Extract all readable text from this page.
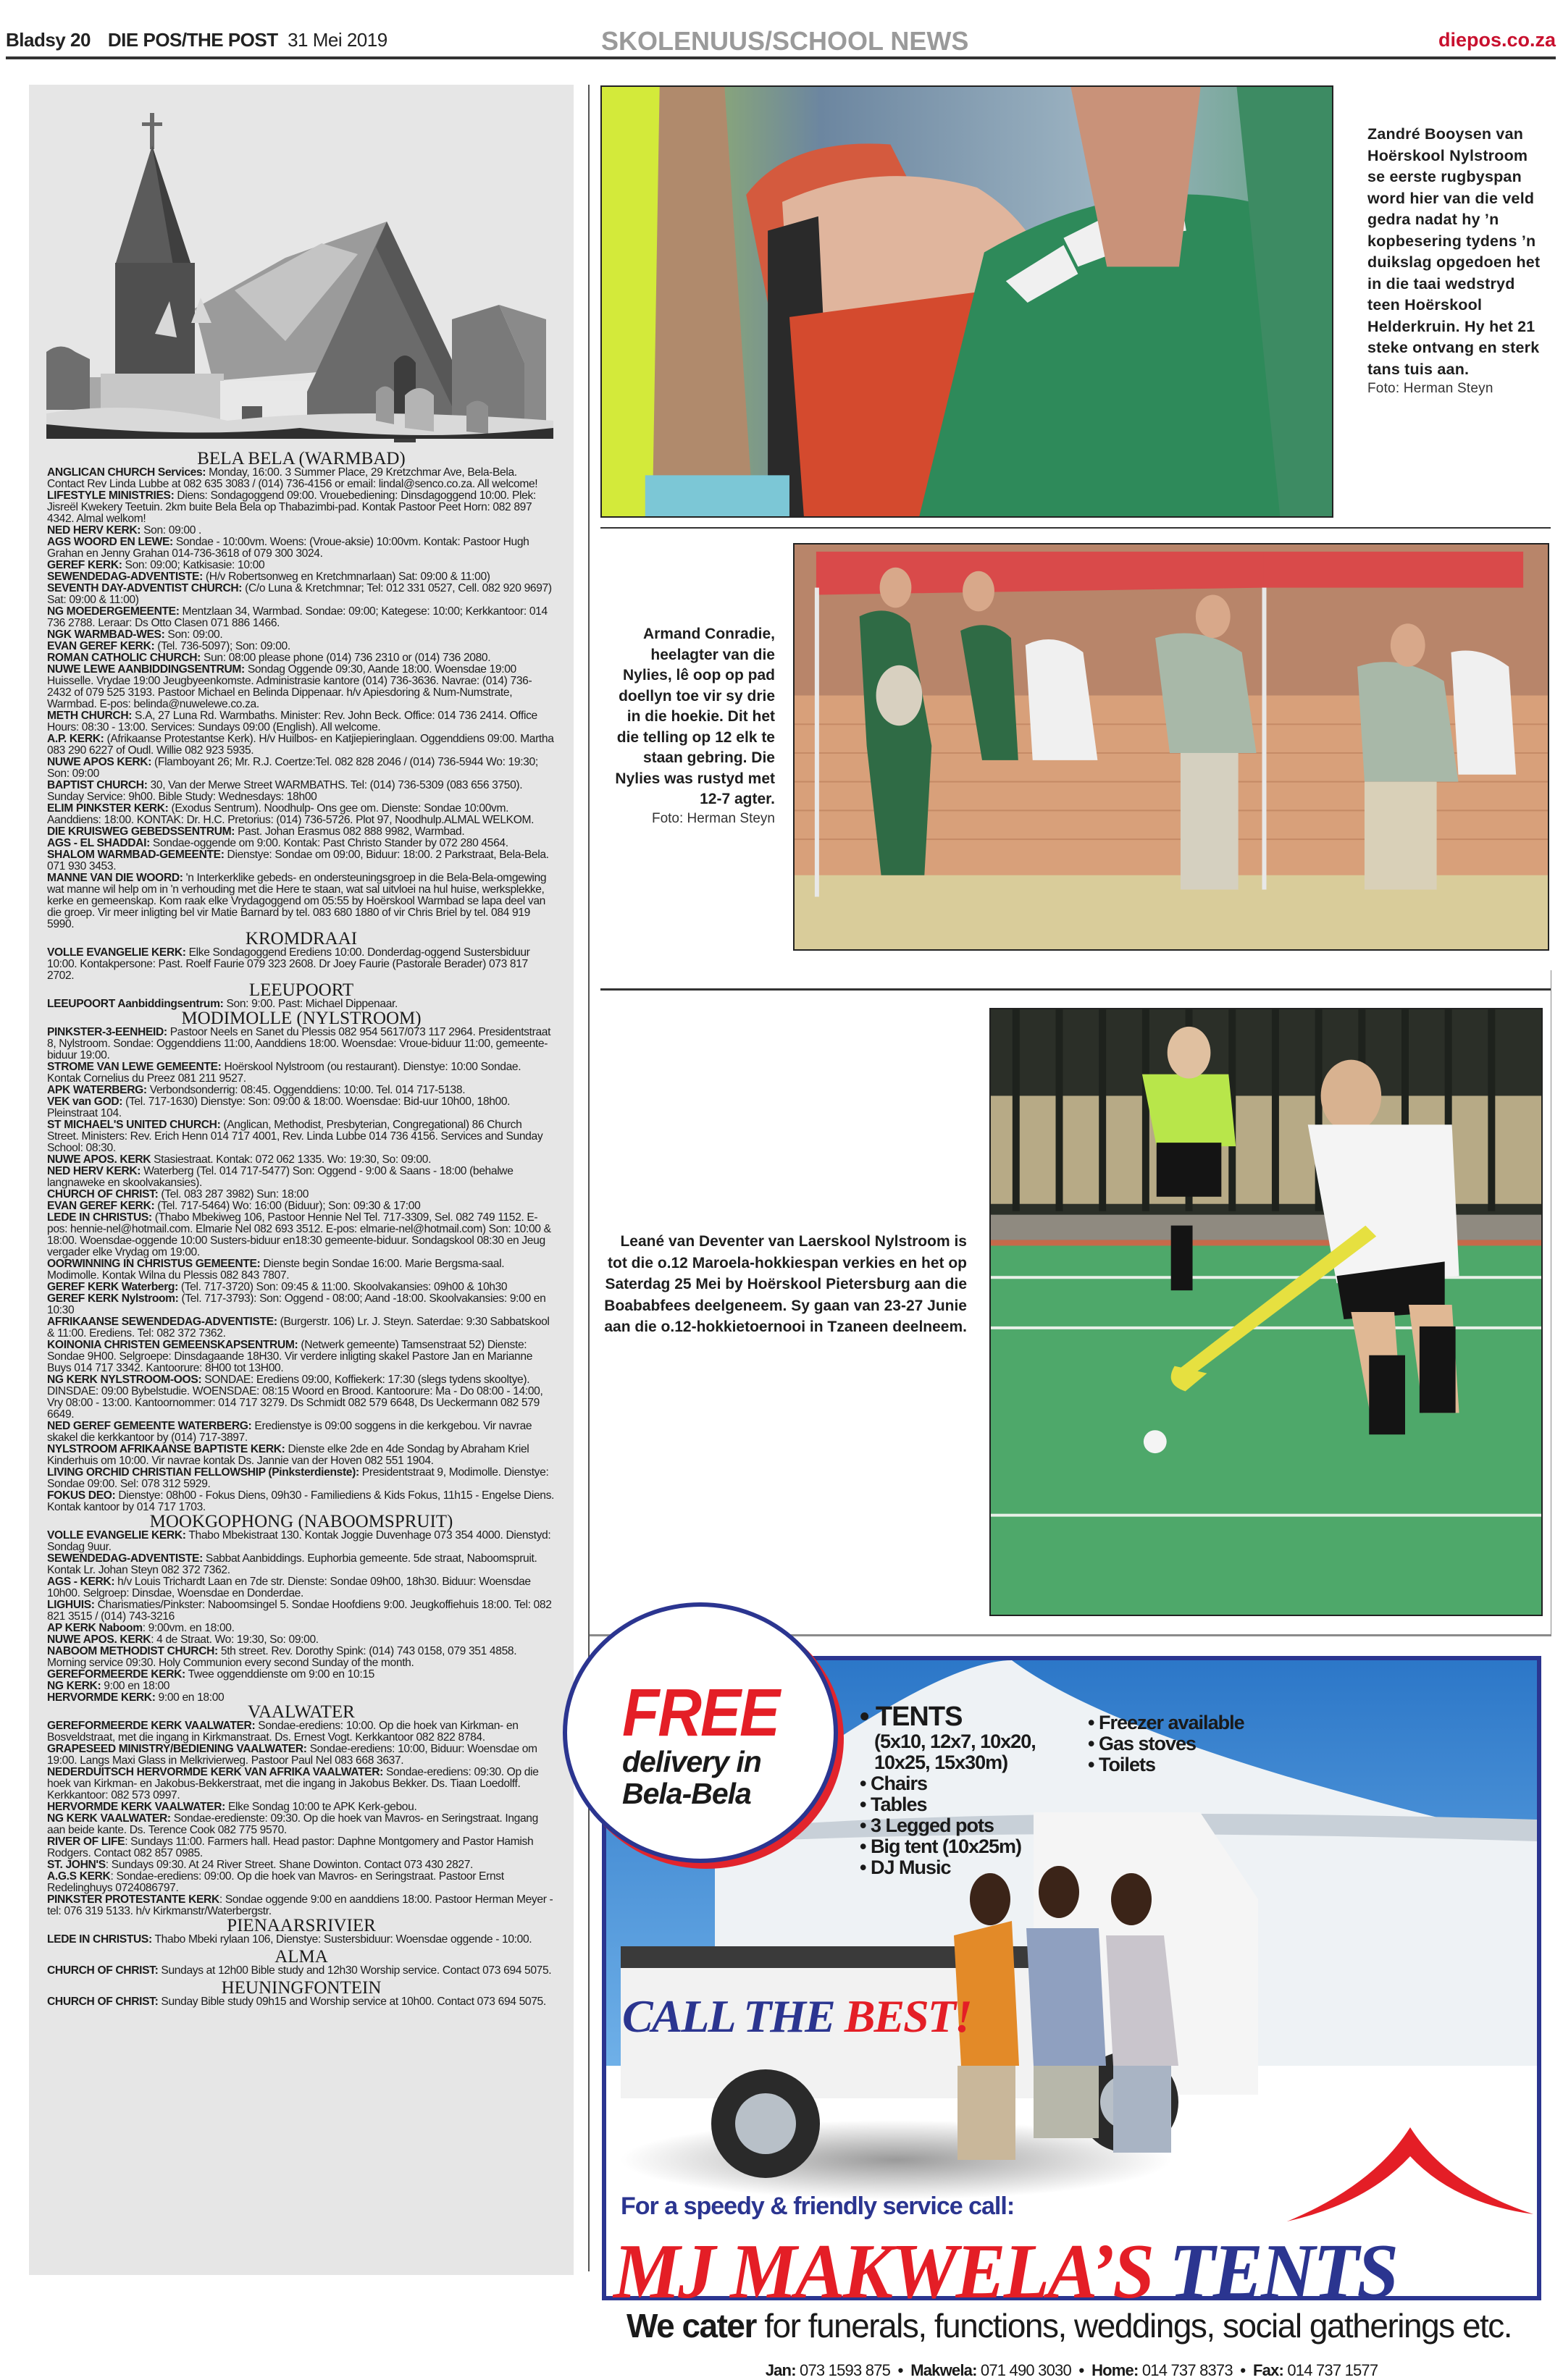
Bladsy 20 DIE POS/THE POST 31 Mei 2019	SKOLENUUS/SCHOOL NEWS	diepos.co.za
BELA BELA (WARMBAD)
ANGLICAN CHURCH Services: Monday, 16:00. 3 Summer Place, 29 Kretzchmar Ave, Bela-Bela. Contact Rev Linda Lubbe at 082 635 3083 / (014) 736-4156 or email: lindal@senco.co.za. All welcome!
LIFESTYLE MINISTRIES: Diens: Sondagoggend 09:00. Vrouebediening: Dinsdagoggend 10:00. Plek: Jisreël Kwekery Teetuin. 2km buite Bela Bela op Thabazimbi-pad. Kontak Pastoor Peet Horn: 082 897 4342. Almal welkom!
NED HERV KERK: Son: 09:00 .
AGS WOORD EN LEWE: Sondae - 10:00vm. Woens: (Vroue-aksie) 10:00vm. Kontak: Pastoor Hugh Grahan en Jenny Grahan 014-736-3618 of 079 300 3024.
GEREF KERK: Son: 09:00; Katkisasie: 10:00
SEWENDEDAG-ADVENTISTE: (H/v Robertsonweg en Kretchmnarlaan) Sat: 09:00 & 11:00)
SEVENTH DAY-ADVENTIST CHURCH: (C/o Luna & Kretchmnar; Tel: 012 331 0527, Cell. 082 920 9697) Sat: 09:00 & 11:00)
NG MOEDERGEMEENTE: Mentzlaan 34, Warmbad. Sondae: 09:00; Kategese: 10:00; Kerkkantoor: 014 736 2788. Leraar: Ds Otto Clasen 071 886 1466.
NGK WARMBAD-WES: Son: 09:00.
EVAN GEREF KERK: (Tel. 736-5097); Son: 09:00.
ROMAN CATHOLIC CHURCH: Sun: 08:00 please phone (014) 736 2310 or (014) 736 2080.
NUWE LEWE AANBIDDINGSENTRUM: Sondag Oggende 09:30, Aande 18:00. Woensdae 19:00 Huisselle. Vrydae 19:00 Jeugbyeenkomste. Administrasie kantore (014) 736-3636. Navrae: (014) 736-2432 of 079 525 3193. Pastoor Michael en Belinda Dippenaar. h/v Apiesdoring & Num-Numstrate, Warmbad. E-pos: belinda@nuwelewe.co.za.
METH CHURCH: S.A, 27 Luna Rd. Warmbaths. Minister: Rev. John Beck. Office: 014 736 2414. Office Hours: 08:30 - 13:00. Services: Sundays 09:00 (English). All welcome.
A.P. KERK: (Afrikaanse Protestantse Kerk). H/v Huilbos- en Katjiepieringlaan. Oggenddiens 09:00. Martha 083 290 6227 of Oudl. Willie 082 923 5935.
NUWE APOS KERK: (Flamboyant 26; Mr. R.J. Coertze:Tel. 082 828 2046 / (014) 736-5944 Wo: 19:30; Son: 09:00
BAPTIST CHURCH: 30, Van der Merwe Street WARMBATHS. Tel: (014) 736-5309 (083 656 3750). Sunday Service: 9h00. Bible Study: Wednesdays: 18h00
ELIM PINKSTER KERK: (Exodus Sentrum). Noodhulp- Ons gee om. Dienste: Sondae 10:00vm. Aanddiens: 18:00. KONTAK: Dr. H.C. Pretorius: (014) 736-5726. Plot 97, Noodhulp.ALMAL WELKOM.
DIE KRUISWEG GEBEDSSENTRUM: Past. Johan Erasmus 082 888 9982, Warmbad.
AGS - EL SHADDAI: Sondae-oggende om 9:00. Kontak: Past Christo Stander by 072 280 4564.
SHALOM WARMBAD-GEMEENTE: Dienstye: Sondae om 09:00, Biduur: 18:00. 2 Parkstraat, Bela-Bela. 071 930 3453.
MANNE VAN DIE WOORD: 'n Interkerklike gebeds- en ondersteuningsgroep in die Bela-Bela-omgewing wat manne wil help om in 'n verhouding met die Here te staan, wat sal uitvloei na hul huise, werksplekke, kerke en gemeenskap. Kom raak elke Vrydagoggend om 05:55 by Hoërskool Warmbad se lapa deel van die groep. Vir meer inligting bel vir Matie Barnard by tel. 083 680 1880 of vir Chris Briel by tel. 084 919 5990.
KROMDRAAI
VOLLE EVANGELIE KERK: Elke Sondagoggend Erediens 10:00. Donderdag-oggend Sustersbiduur 10:00. Kontakpersone: Past. Roelf Faurie 079 323 2608. Dr Joey Faurie (Pastorale Berader) 073 817 2702.
LEEUPOORT
LEEUPOORT Aanbiddingsentrum: Son: 9:00. Past: Michael Dippenaar.
MODIMOLLE (NYLSTROOM)
PINKSTER-3-EENHEID: Pastoor Neels en Sanet du Plessis 082 954 5617/073 117 2964. Presidentstraat 8, Nylstroom. Sondae: Oggenddiens 11:00, Aanddiens 18:00. Woensdae: Vroue-biduur 11:00, gemeente-biduur 19:00.
STROME VAN LEWE GEMEENTE: Hoërskool Nylstroom (ou restaurant). Dienstye: 10:00 Sondae. Kontak Cornelius du Preez 081 211 9527.
APK WATERBERG: Verbondsonderrig: 08:45. Oggenddiens: 10:00. Tel. 014 717-5138.
VEK van GOD: (Tel. 717-1630) Dienstye: Son: 09:00 & 18:00. Woensdae: Bid-uur 10h00, 18h00. Pleinstraat 104.
ST MICHAEL'S UNITED CHURCH: (Anglican, Methodist, Presbyterian, Congregational) 86 Church Street. Ministers: Rev. Erich Henn 014 717 4001, Rev. Linda Lubbe 014 736 4156. Services and Sunday School: 08:30.
NUWE APOS. KERK Stasiestraat. Kontak: 072 062 1335. Wo: 19:30, So: 09:00.
NED HERV KERK: Waterberg (Tel. 014 717-5477) Son: Oggend - 9:00 & Saans - 18:00 (behalwe langnaweke en skoolvakansies).
CHURCH OF CHRIST: (Tel. 083 287 3982) Sun: 18:00
EVAN GEREF KERK: (Tel. 717-5464) Wo: 16:00 (Biduur); Son: 09:30 & 17:00
LEDE IN CHRISTUS: (Thabo Mbekiweg 106, Pastoor Hennie Nel Tel. 717-3309, Sel. 082 749 1152. E-pos: hennie-nel@hotmail.com. Elmarie Nel 082 693 3512. E-pos: elmarie-nel@hotmail.com) Son: 10:00 & 18:00. Woensdae-oggende 10:00 Susters-biduur en18:30 gemeente-biduur. Sondagskool 08:30 en Jeug vergader elke Vrydag om 19:00.
OORWINNING IN CHRISTUS GEMEENTE: Dienste begin Sondae 16:00. Marie Bergsma-saal. Modimolle. Kontak Wilna du Plessis 082 843 7807.
GEREF KERK Waterberg: (Tel. 717-3720) Son: 09:45 & 11:00. Skoolvakansies: 09h00 & 10h30
GEREF KERK Nylstroom: (Tel. 717-3793): Son: Oggend - 08:00; Aand -18:00. Skoolvakansies: 9:00 en 10:30
AFRIKAANSE SEWENDEDAG-ADVENTISTE: (Burgerstr. 106) Lr. J. Steyn. Saterdae: 9:30 Sabbatskool & 11:00. Erediens. Tel: 082 372 7362.
KOINONIA CHRISTEN GEMEENSKAPSENTRUM: (Netwerk gemeente) Tamsenstraat 52) Dienste: Sondae 9H00. Selgroepe: Dinsdagaande 18H30. Vir verdere inligting skakel Pastore Jan en Marianne Buys 014 717 3342. Kantoorure: 8H00 tot 13H00.
NG KERK NYLSTROOM-OOS: SONDAE: Erediens 09:00, Koffiekerk: 17:30 (slegs tydens skooltye). DINSDAE: 09:00 Bybelstudie. WOENSDAE: 08:15 Woord en Brood. Kantoorure: Ma - Do 08:00 - 14:00, Vry 08:00 - 13:00. Kantoornommer: 014 717 3279. Ds Schmidt 082 579 6648, Ds Ueckermann 082 579 6649.
NED GEREF GEMEENTE WATERBERG: Eredienstye is 09:00 soggens in die kerkgebou. Vir navrae skakel die kerkkantoor by (014) 717-3897.
NYLSTROOM AFRIKAANSE BAPTISTE KERK: Dienste elke 2de en 4de Sondag by Abraham Kriel Kinderhuis om 10:00. Vir navrae kontak Ds. Jannie van der Hoven 082 551 1904.
LIVING ORCHID CHRISTIAN FELLOWSHIP (Pinksterdienste): Presidentstraat 9, Modimolle. Dienstye: Sondae 09:00. Sel: 078 312 5929.
FOKUS DEO: Dienstye: 08h00 - Fokus Diens, 09h30 - Familiediens & Kids Fokus, 11h15 - Engelse Diens. Kontak kantoor by 014 717 1703.
MOOKGOPHONG (NABOOMSPRUIT)
VOLLE EVANGELIE KERK: Thabo Mbekistraat 130. Kontak Joggie Duvenhage 073 354 4000. Dienstyd: Sondag 9uur.
SEWENDEDAG-ADVENTISTE: Sabbat Aanbiddings. Euphorbia gemeente. 5de straat, Naboomspruit. Kontak Lr. Johan Steyn 082 372 7362.
AGS - KERK: h/v Louis Trichardt Laan en 7de str. Dienste: Sondae 09h00, 18h30. Biduur: Woensdae 10h00. Selgroep: Dinsdae, Woensdae en Donderdae.
LIGHUIS: Charismaties/Pinkster: Naboomsingel 5. Sondae Hoofdiens 9:00. Jeugkoffiehuis 18:00. Tel: 082 821 3515 / (014) 743-3216
AP KERK Naboom: 9:00vm. en 18:00.
NUWE APOS. KERK: 4 de Straat. Wo: 19:30, So: 09:00.
NABOOM METHODIST CHURCH: 5th street. Rev. Dorothy Spink: (014) 743 0158, 079 351 4858. Morning service 09:30. Holy Communion every second Sunday of the month.
GEREFORMEERDE KERK: Twee oggenddienste om 9:00 en 10:15
NG KERK: 9:00 en 18:00
HERVORMDE KERK: 9:00 en 18:00
VAALWATER
GEREFORMEERDE KERK VAALWATER: Sondae-erediens: 10:00. Op die hoek van Kirkman- en Bosveldstraat, met die ingang in Kirkmanstraat. Ds. Ernest Vogt. Kerkkantoor 082 822 8784.
GRAPESEED MINISTRY/BEDIENING VAALWATER: Sondae-erediens: 10:00, Biduur: Woensdae om 19:00. Langs Maxi Glass in Melkrivierweg. Pastoor Paul Nel 083 668 3637.
NEDERDUITSCH HERVORMDE KERK VAN AFRIKA VAALWATER: Sondae-erediens: 09:30. Op die hoek van Kirkman- en Jakobus-Bekkerstraat, met die ingang in Jakobus Bekker. Ds. Tiaan Loedolff. Kerkkantoor: 082 573 0997.
HERVORMDE KERK VAALWATER: Elke Sondag 10:00 te APK Kerk-gebou.
NG KERK VAALWATER: Sondae-eredienste: 09:30. Op die hoek van Mavros- en Seringstraat. Ingang aan beide kante. Ds. Terence Cook 082 775 9570.
RIVER OF LIFE: Sundays 11:00. Farmers hall. Head pastor: Daphne Montgomery and Pastor Hamish Rodgers. Contact 082 857 0985.
ST. JOHN'S: Sundays 09:30. At 24 River Street. Shane Dowinton. Contact 073 430 2827.
A.G.S KERK: Sondae-erediens: 09:00. Op die hoek van Mavros- en Seringstraat. Pastoor Ernst Redelinghuys 0724086797.
PINKSTER PROTESTANTE KERK: Sondae oggende 9:00 en aanddiens 18:00. Pastoor Herman Meyer - tel: 076 319 5133. h/v Kirkmanstr/Waterbergstr.
PIENAARSRIVIER
LEDE IN CHRISTUS: Thabo Mbeki rylaan 106, Dienstye: Sustersbiduur: Woensdae oggende - 10:00.
ALMA
CHURCH OF CHRIST: Sundays at 12h00 Bible study and 12h30 Worship service. Contact 073 694 5075.
HEUNINGFONTEIN
CHURCH OF CHRIST: Sunday Bible study 09h15 and Worship service at 10h00. Contact 073 694 5075.
Zandré Booysen van Hoërskool Nylstroom se eerste rugbyspan word hier van die veld gedra nadat hy ’n kopbesering tydens ’n duikslag opgedoen het in die taai wedstryd teen Hoërskool Helderkruin. Hy het 21 steke ontvang en sterk tans tuis aan.
Foto: Herman Steyn
Armand Conradie, heelagter van die Nylies, lê oop op pad doellyn toe vir sy drie in die hoekie. Dit het die telling op 12 elk te staan gebring. Die Nylies was rustyd met 12-7 agter.
Foto: Herman Steyn
Leané van Deventer van Laerskool Nylstroom is tot die o.12 Maroela-hokkiespan verkies en het op Saterdag 25 Mei by Hoërskool Pietersburg aan die Boababfees deelgeneem. Sy gaan van 23-27 Junie aan die o.12-hokkietoernooi in Tzaneen deelneem.
FREE
delivery in
Bela-Bela
• TENTS
(5x10, 12x7, 10x20,
10x25, 15x30m)
• Chairs
• Tables
• 3 Legged pots
• Big tent (10x25m)
• DJ Music
• Freezer available
• Gas stoves
• Toilets
CALL THE BEST!
For a speedy & friendly service call:
MJ MAKWELA’S TENTS
We cater for funerals, functions, weddings, social gatherings etc.
Jan: 073 1593 875  •  Makwela: 071 490 3030  •  Home: 014 737 8373  •  Fax: 014 737 1577
